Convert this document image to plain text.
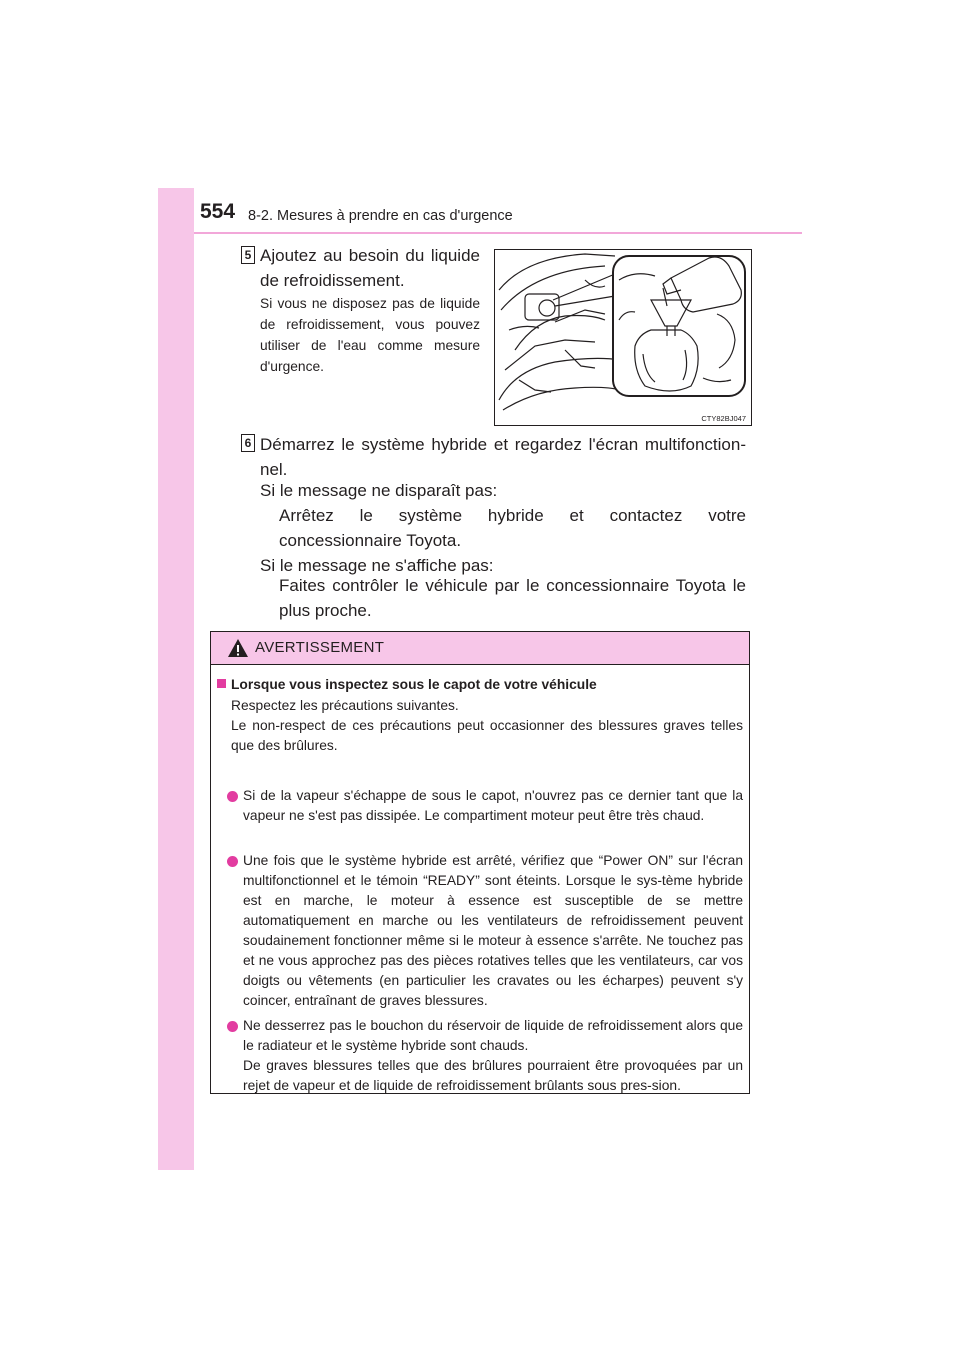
554 8-2. Mesures à prendre en cas d'urgence
5 Ajoutez au besoin du liquide de refroidissement.
Si vous ne disposez pas de liquide de refroidissement, vous pouvez utiliser de l'eau comme mesure d'urgence.
CTY82BJ047
6 Démarrez le système hybride et regardez l'écran multifonction-nel.
Si le message ne disparaît pas:
Arrêtez le système hybride et contactez votre concessionnaire Toyota.
Si le message ne s'affiche pas:
Faites contrôler le véhicule par le concessionnaire Toyota le plus proche.
AVERTISSEMENT
Lorsque vous inspectez sous le capot de votre véhicule
Respectez les précautions suivantes.
Le non-respect de ces précautions peut occasionner des blessures graves telles que des brûlures.
Si de la vapeur s'échappe de sous le capot, n'ouvrez pas ce dernier tant que la vapeur ne s'est pas dissipée. Le compartiment moteur peut être très chaud.
Une fois que le système hybride est arrêté, vérifiez que “Power ON” sur l'écran multifonctionnel et le témoin “READY” sont éteints. Lorsque le sys-tème hybride est en marche, le moteur à essence est susceptible de se mettre automatiquement en marche ou les ventilateurs de refroidissement peuvent soudainement fonctionner même si le moteur à essence s'arrête. Ne touchez pas et ne vous approchez pas des pièces rotatives telles que les ventilateurs, car vos doigts ou vêtements (en particulier les cravates ou les écharpes) peuvent s'y coincer, entraînant de graves blessures.
Ne desserrez pas le bouchon du réservoir de liquide de refroidissement alors que le radiateur et le système hybride sont chauds.
De graves blessures telles que des brûlures pourraient être provoquées par un rejet de vapeur et de liquide de refroidissement brûlants sous pres-sion.
